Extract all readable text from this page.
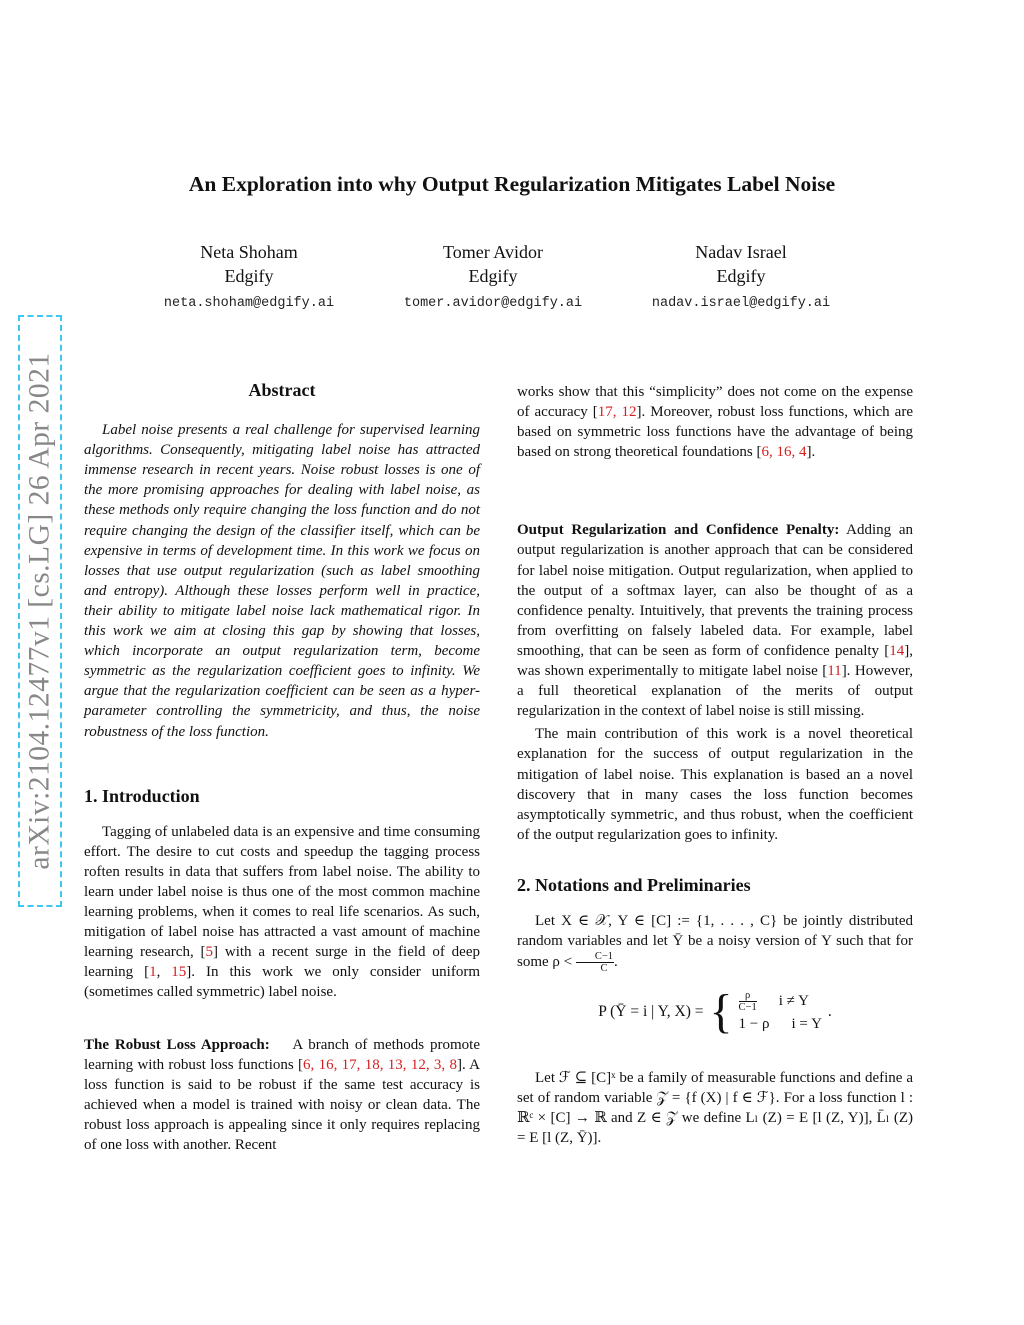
arXiv:2104.12477v1 [cs.LG] 26 Apr 2021
An Exploration into why Output Regularization Mitigates Label Noise
Neta Shoham
Edgify
neta.shoham@edgify.ai
Tomer Avidor
Edgify
tomer.avidor@edgify.ai
Nadav Israel
Edgify
nadav.israel@edgify.ai
Abstract

Label noise presents a real challenge for supervised learning algorithms. Consequently, mitigating label noise has attracted immense research in recent years. Noise robust losses is one of the more promising approaches for dealing with label noise, as these methods only require changing the loss function and do not require changing the design of the classifier itself, which can be expensive in terms of development time. In this work we focus on losses that use output regularization (such as label smoothing and entropy). Although these losses perform well in practice, their ability to mitigate label noise lack mathematical rigor. In this work we aim at closing this gap by showing that losses, which incorporate an output regularization term, become symmetric as the regularization coefficient goes to infinity. We argue that the regularization coefficient can be seen as a hyper-parameter controlling the symmetricity, and thus, the noise robustness of the loss function.

1. Introduction

Tagging of unlabeled data is an expensive and time consuming effort. The desire to cut costs and speedup the tagging process roften results in data that suffers from label noise. The ability to learn under label noise is thus one of the most common machine learning problems, when it comes to real life scenarios. As such, mitigation of label noise has attracted a vast amount of machine learning research, [5] with a recent surge in the field of deep learning [1, 15]. In this work we only consider uniform (sometimes called symmetric) label noise.

The Robust Loss Approach: A branch of methods promote learning with robust loss functions [6, 16, 17, 18, 13, 12, 3, 8]. A loss function is said to be robust if the same test accuracy is achieved when a model is trained with noisy or clean data. The robust loss approach is appealing since it only requires replacing of one loss with another. Recent

works show that this “simplicity” does not come on the expense of accuracy [17, 12]. Moreover, robust loss functions, which are based on symmetric loss functions have the advantage of being based on strong theoretical foundations [6, 16, 4].

Output Regularization and Confidence Penalty: Adding an output regularization is another approach that can be considered for label noise mitigation. Output regularization, when applied to the output of a softmax layer, can also be thought of as a confidence penalty. Intuitively, that prevents the training process from overfitting on falsely labeled data. For example, label smoothing, that can be seen as form of confidence penalty [14], was shown experimentally to mitigate label noise [11]. However, a full theoretical explanation of the merits of output regularization in the context of label noise is still missing.

The main contribution of this work is a novel theoretical explanation for the success of output regularization in the mitigation of label noise. This explanation is based an a novel discovery that in many cases the loss function becomes asymptotically symmetric, and thus robust, when the coefficient of the output regularization goes to infinity.

2. Notations and Preliminaries

Let X ∈ 𝒳, Y ∈ [C] := {1, . . . , C} be jointly distributed random variables and let Ȳ be a noisy version of Y such that for some $\rho < \frac{C-1}{C}$ .

P (Ȳ = i | Y, X) = { $\frac{\rho}{C-1}$ i ≠ Y
1 − ρ i = Y
.

Let ℱ ⊆ [C]ˣ be a family of measurable functions and define a set of random variable 𝒵 = {f (X) | f ∈ ℱ}. For a loss function l : ℝᶜ × [C] → ℝ and Z ∈ 𝒵 we define Lₗ (Z) = E [l (Z, Y)], L̄ₗ (Z) = E [l (Z, Ȳ)].
